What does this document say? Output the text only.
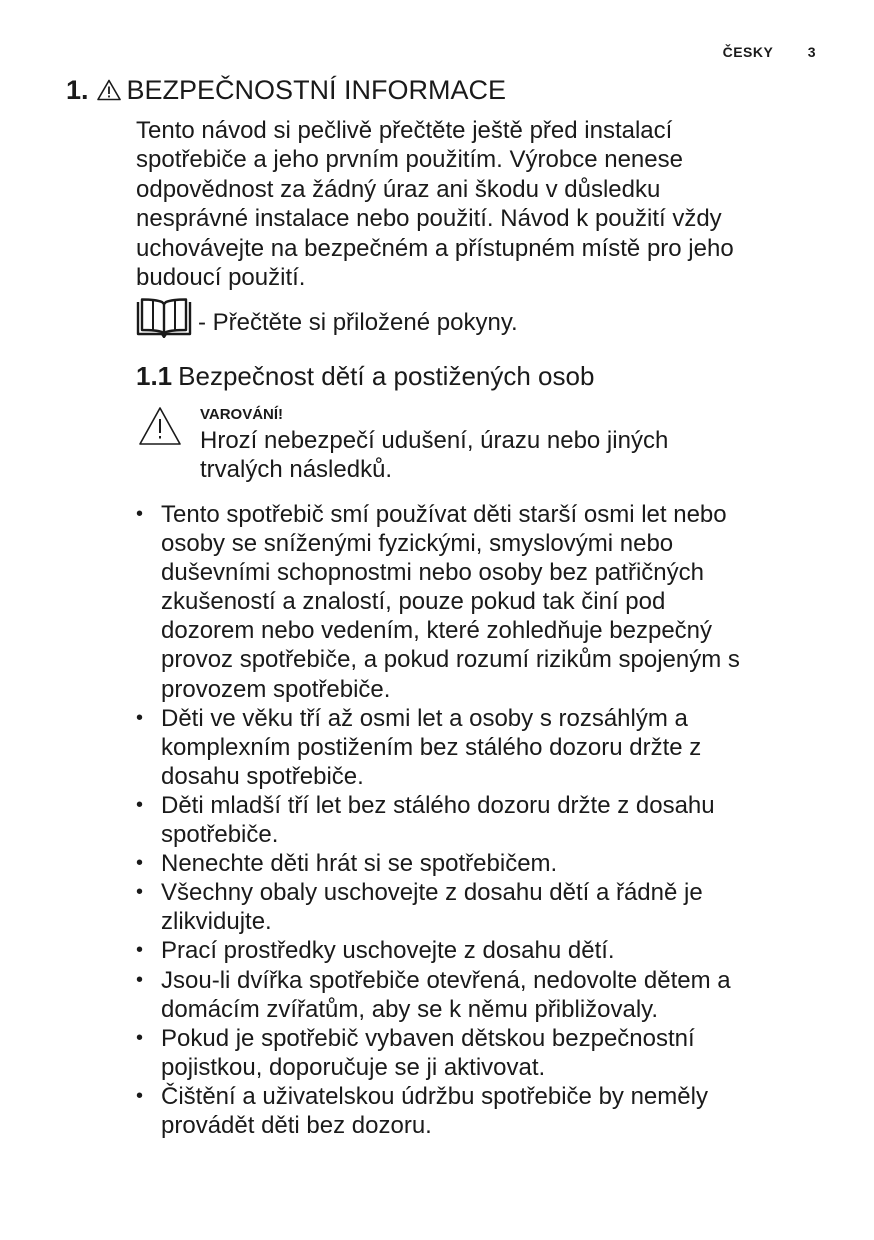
ČESKY 3
1. BEZPEČNOSTNÍ INFORMACE
Tento návod si pečlivě přečtěte ještě před instalací
spotřebiče a jeho prvním použitím. Výrobce nenese
odpovědnost za žádný úraz ani škodu v důsledku
nesprávné instalace nebo použití. Návod k použití vždy
uchovávejte na bezpečném a přístupném místě pro jeho
budoucí použití.
- Přečtěte si přiložené pokyny.
1.1 Bezpečnost dětí a postižených osob
VAROVÁNÍ!
Hrozí nebezpečí udušení, úrazu nebo jiných
trvalých následků.
• Tento spotřebič smí používat děti starší osmi let nebo
osoby se sníženými fyzickými, smyslovými nebo
duševními schopnostmi nebo osoby bez patřičných
zkušeností a znalostí, pouze pokud tak činí pod
dozorem nebo vedením, které zohledňuje bezpečný
provoz spotřebiče, a pokud rozumí rizikům spojeným s
provozem spotřebiče.
• Děti ve věku tří až osmi let a osoby s rozsáhlým a
komplexním postižením bez stálého dozoru držte z
dosahu spotřebiče.
• Děti mladší tří let bez stálého dozoru držte z dosahu
spotřebiče.
• Nenechte děti hrát si se spotřebičem.
• Všechny obaly uschovejte z dosahu dětí a řádně je
zlikvidujte.
• Prací prostředky uschovejte z dosahu dětí.
• Jsou-li dvířka spotřebiče otevřená, nedovolte dětem a
domácím zvířatům, aby se k němu přibližovaly.
• Pokud je spotřebič vybaven dětskou bezpečnostní
pojistkou, doporučuje se ji aktivovat.
• Čištění a uživatelskou údržbu spotřebiče by neměly
provádět děti bez dozoru.
